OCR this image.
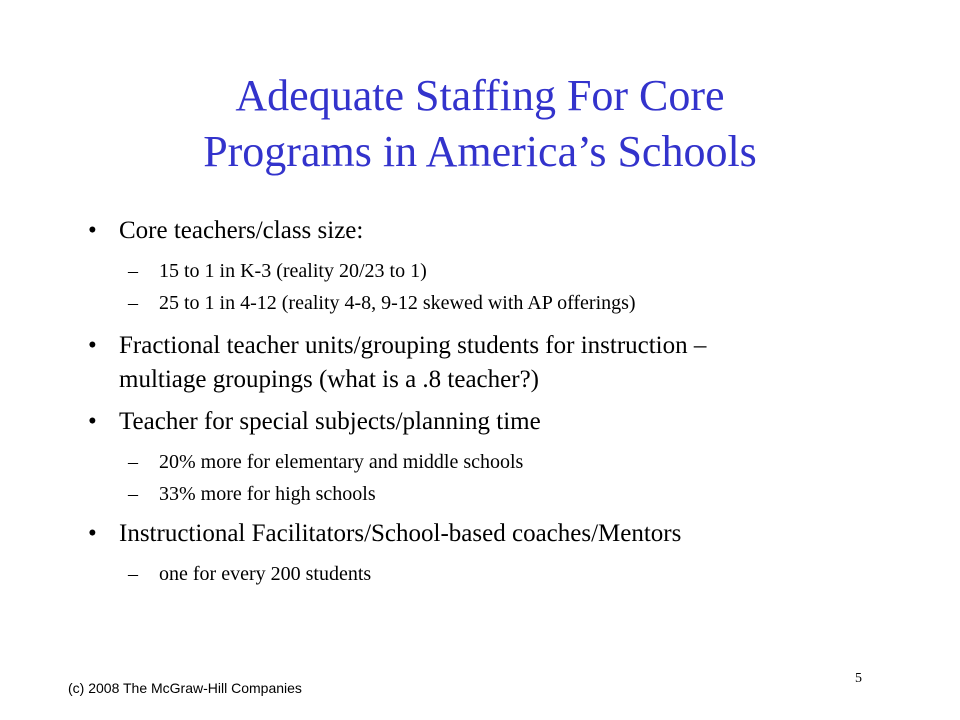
Adequate Staffing For Core
Programs in America’s Schools
• Core teachers/class size:
– 15 to 1 in K-3 (reality 20/23 to 1)
– 25 to 1 in 4-12 (reality 4-8, 9-12 skewed with AP offerings)
• Fractional teacher units/grouping students for instruction –
multiage groupings (what is a .8 teacher?)
• Teacher for special subjects/planning time
– 20% more for elementary and middle schools
– 33% more for high schools
• Instructional Facilitators/School-based coaches/Mentors
– one for every 200 students
(c) 2008 The McGraw-Hill Companies
5
